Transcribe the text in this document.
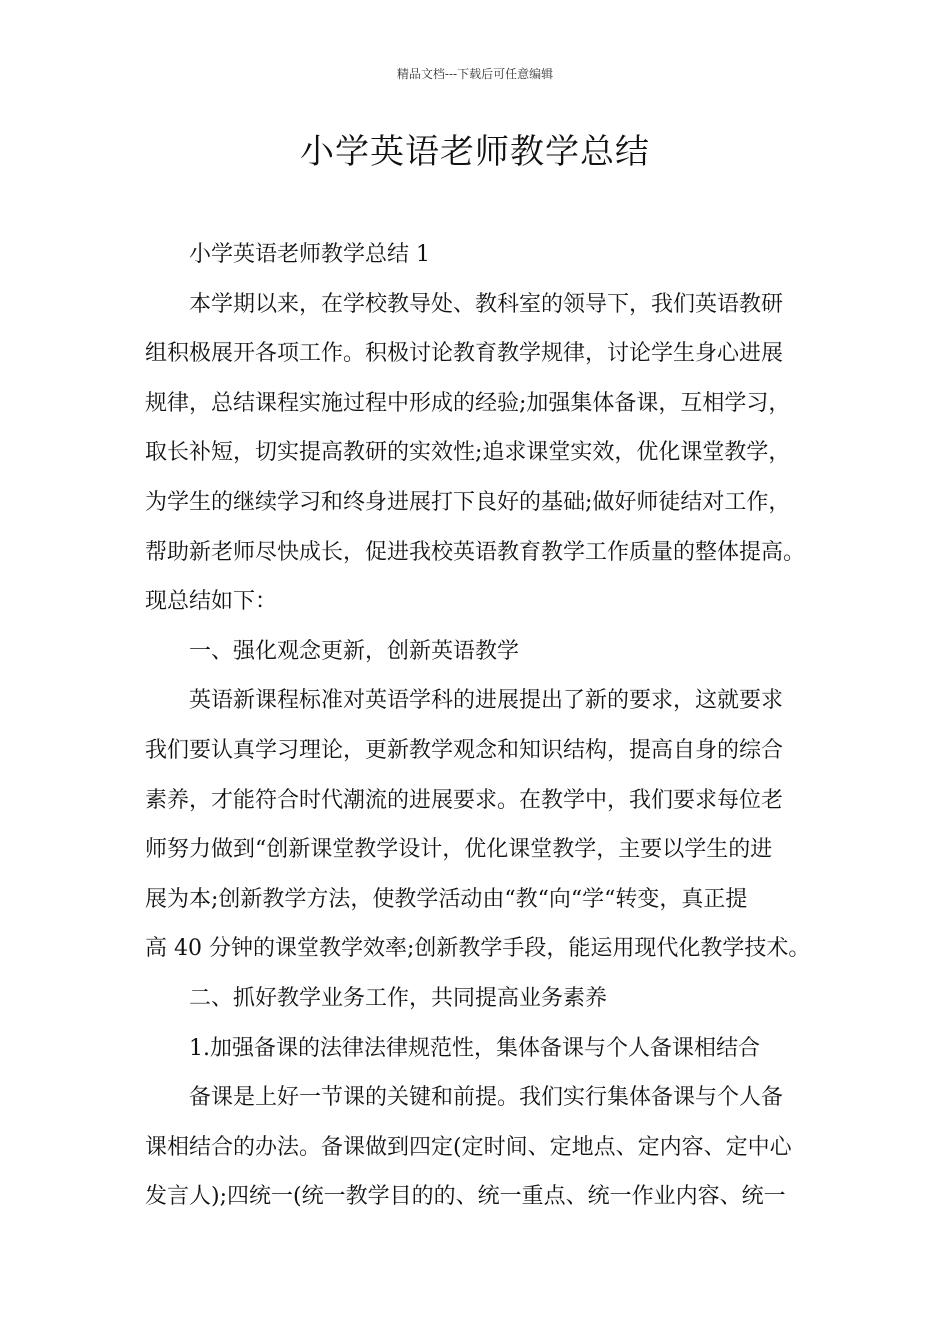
精品文档---下载后可任意编辑
小学英语老师教学总结
小学英语老师教学总结 1
本学期以来，在学校教导处、教科室的领导下，我们英语教研
组积极展开各项工作。积极讨论教育教学规律，讨论学生身心进展
规律，总结课程实施过程中形成的经验;加强集体备课，互相学习，
取长补短，切实提高教研的实效性;追求课堂实效，优化课堂教学，
为学生的继续学习和终身进展打下良好的基础;做好师徒结对工作，
帮助新老师尽快成长，促进我校英语教育教学工作质量的整体提高。
现总结如下：
一、强化观念更新，创新英语教学
英语新课程标准对英语学科的进展提出了新的要求，这就要求
我们要认真学习理论，更新教学观念和知识结构，提高自身的综合
素养，才能符合时代潮流的进展要求。在教学中，我们要求每位老
师努力做到“创新课堂教学设计，优化课堂教学，主要以学生的进
展为本;创新教学方法，使教学活动由“教“向“学“转变，真正提
高 40 分钟的课堂教学效率;创新教学手段，能运用现代化教学技术。
二、抓好教学业务工作，共同提高业务素养
1.加强备课的法律法律规范性，集体备课与个人备课相结合
备课是上好一节课的关键和前提。我们实行集体备课与个人备
课相结合的办法。备课做到四定(定时间、定地点、定内容、定中心
发言人);四统一(统一教学目的的、统一重点、统一作业内容、统一
